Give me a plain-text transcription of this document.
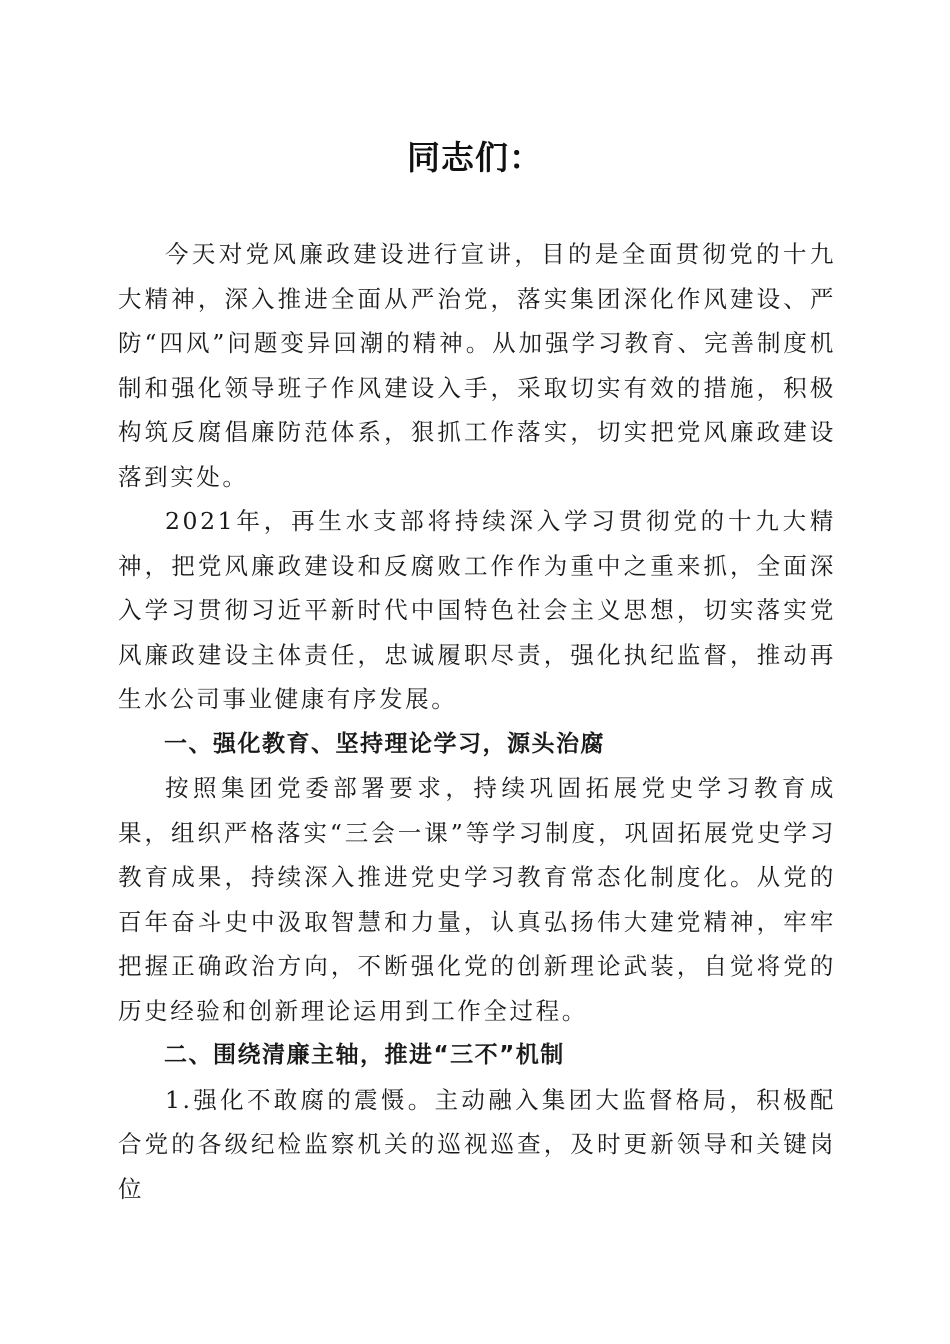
同志们：

今天对党风廉政建设进行宣讲，目的是全面贯彻党的十九大精神，深入推进全面从严治党，落实集团深化作风建设、严防“四风”问题变异回潮的精神。从加强学习教育、完善制度机制和强化领导班子作风建设入手，采取切实有效的措施，积极构筑反腐倡廉防范体系，狠抓工作落实，切实把党风廉政建设落到实处。

2021年，再生水支部将持续深入学习贯彻党的十九大精神，把党风廉政建设和反腐败工作作为重中之重来抓，全面深入学习贯彻习近平新时代中国特色社会主义思想，切实落实党风廉政建设主体责任，忠诚履职尽责，强化执纪监督，推动再生水公司事业健康有序发展。

一、强化教育、坚持理论学习，源头治腐

按照集团党委部署要求，持续巩固拓展党史学习教育成果，组织严格落实“三会一课”等学习制度，巩固拓展党史学习教育成果，持续深入推进党史学习教育常态化制度化。从党的百年奋斗史中汲取智慧和力量，认真弘扬伟大建党精神，牢牢把握正确政治方向，不断强化党的创新理论武装，自觉将党的历史经验和创新理论运用到工作全过程。

二、围绕清廉主轴，推进“三不”机制

1.强化不敢腐的震慑。主动融入集团大监督格局，积极配合党的各级纪检监察机关的巡视巡查，及时更新领导和关键岗位
